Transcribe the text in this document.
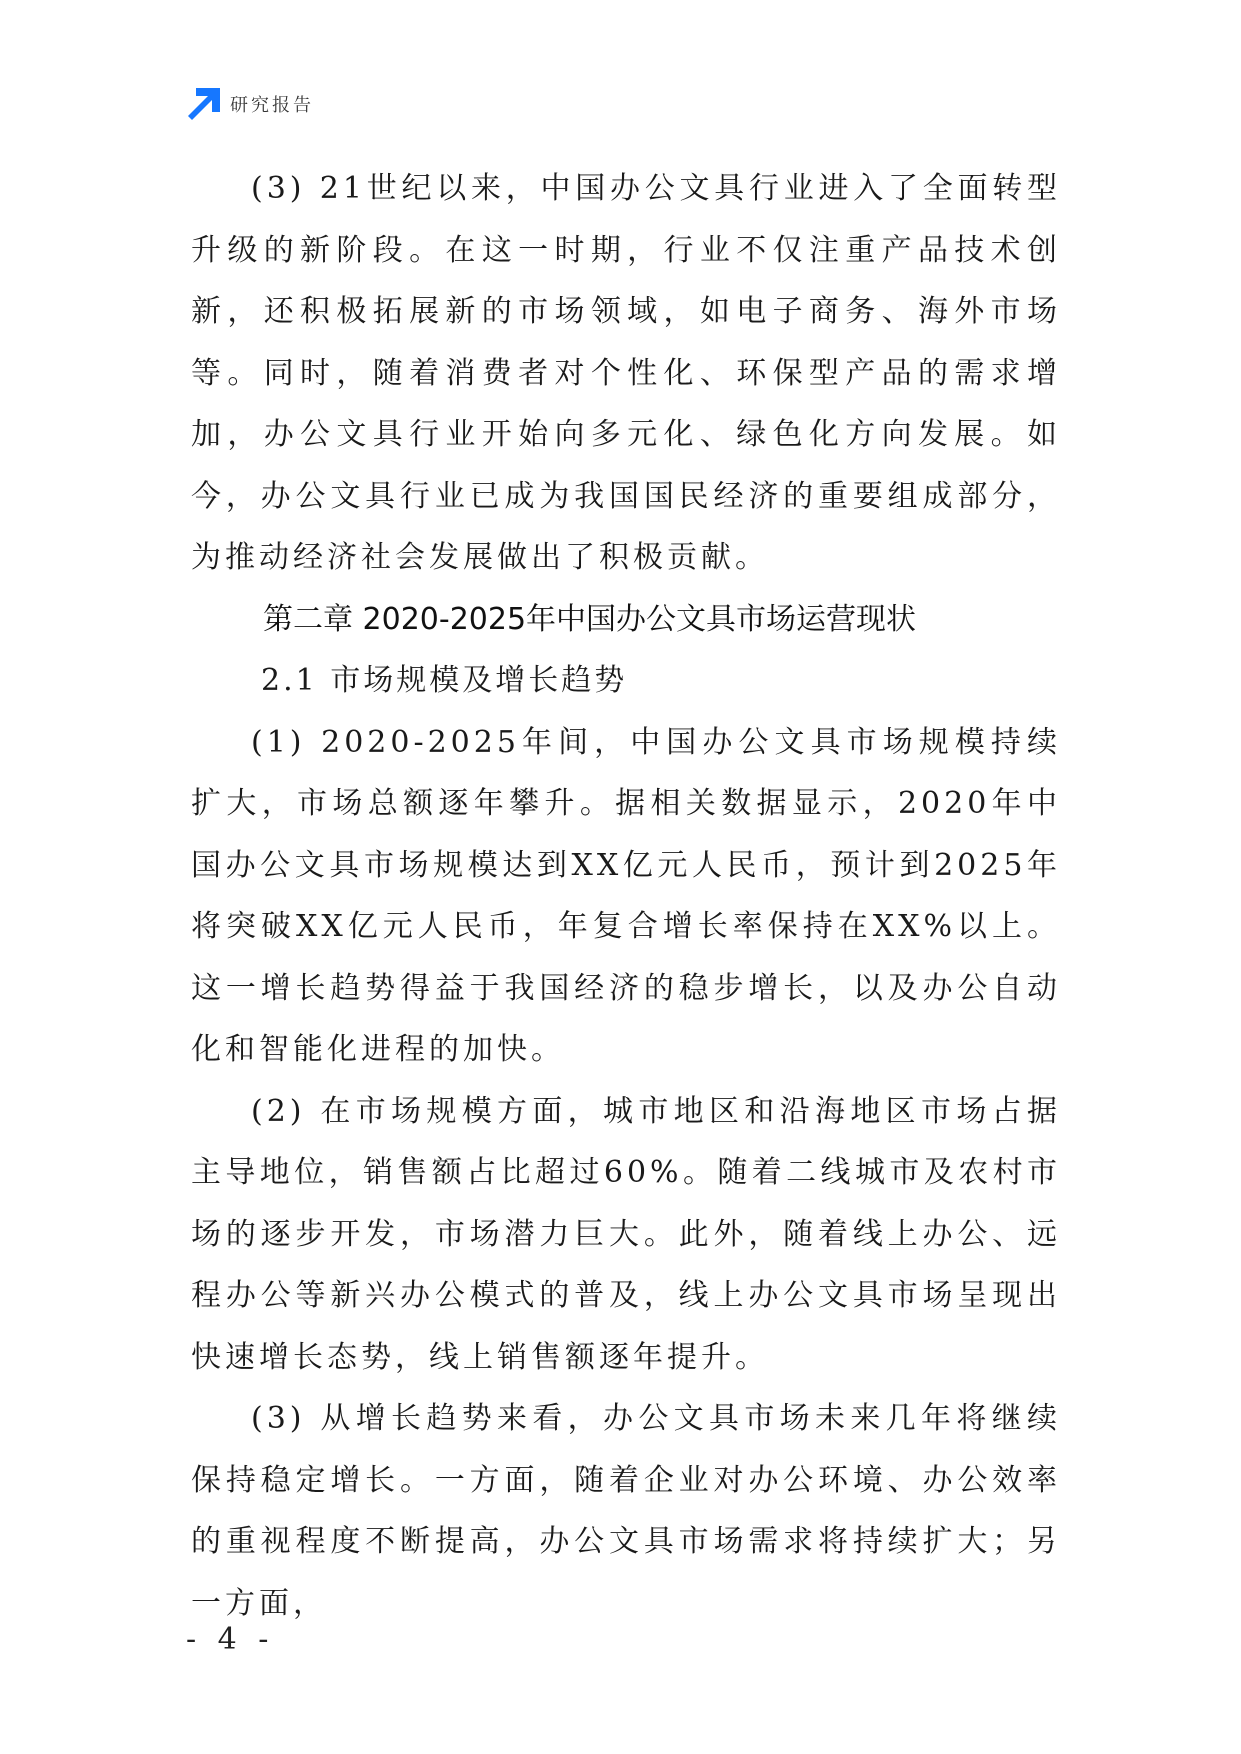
研究报告

(3) 21世纪以来，中国办公文具行业进入了全面转型升级的新阶段。在这一时期，行业不仅注重产品技术创新，还积极拓展新的市场领域，如电子商务、海外市场等。同时，随着消费者对个性化、环保型产品的需求增加，办公文具行业开始向多元化、绿色化方向发展。如今，办公文具行业已成为我国国民经济的重要组成部分，为推动经济社会发展做出了积极贡献。

第二章 2020-2025年中国办公文具市场运营现状

2.1 市场规模及增长趋势

(1) 2020-2025年间，中国办公文具市场规模持续扩大，市场总额逐年攀升。据相关数据显示，2020年中国办公文具市场规模达到XX亿元人民币，预计到2025年将突破XX亿元人民币，年复合增长率保持在XX%以上。这一增长趋势得益于我国经济的稳步增长，以及办公自动化和智能化进程的加快。

(2) 在市场规模方面，城市地区和沿海地区市场占据主导地位，销售额占比超过60%。随着二线城市及农村市场的逐步开发，市场潜力巨大。此外，随着线上办公、远程办公等新兴办公模式的普及，线上办公文具市场呈现出快速增长态势，线上销售额逐年提升。

(3) 从增长趋势来看，办公文具市场未来几年将继续保持稳定增长。一方面，随着企业对办公环境、办公效率的重视程度不断提高，办公文具市场需求将持续扩大；另一方面，

- 4 -
